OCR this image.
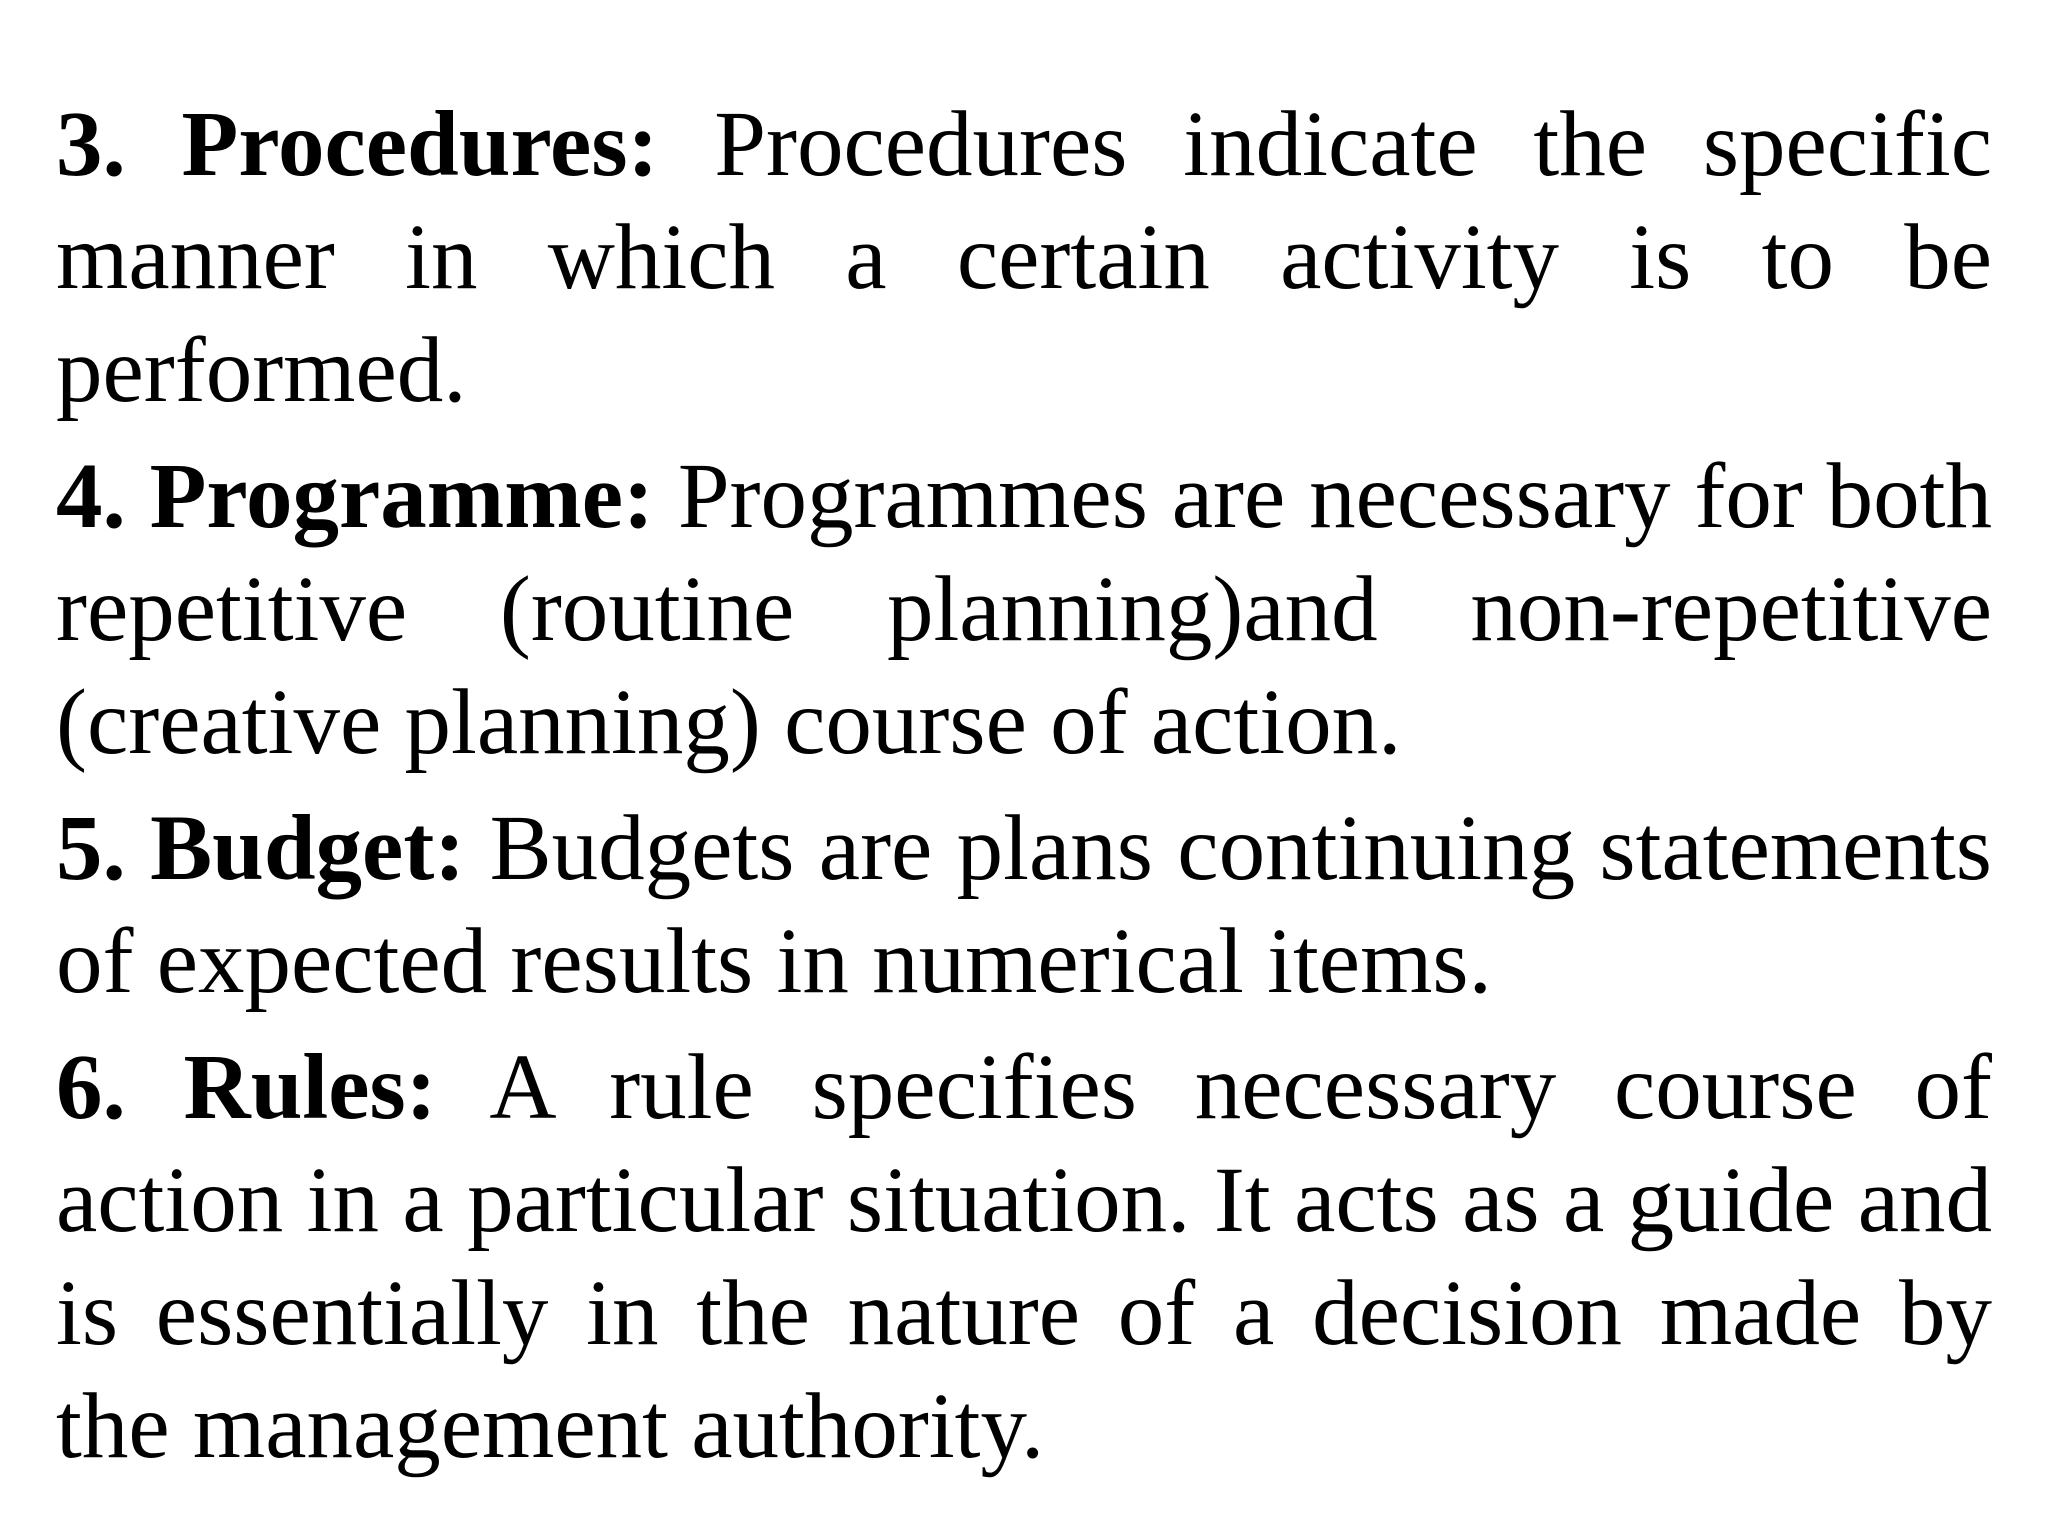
3. Procedures: Procedures indicate the specific manner in which a certain activity is to be performed.

4. Programme: Programmes are necessary for both repetitive (routine planning)and non-repetitive (creative planning) course of action.

5. Budget: Budgets are plans continuing statements of expected results in numerical items.

6. Rules: A rule specifies necessary course of action in a particular situation. It acts as a guide and is essentially in the nature of a decision made by the management authority.
